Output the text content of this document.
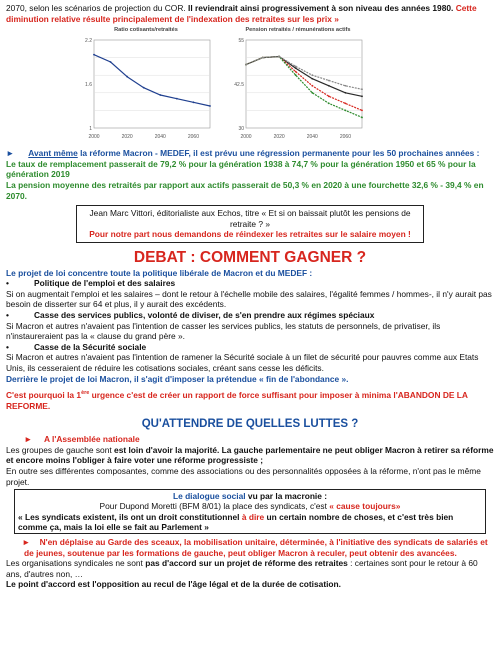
2070, selon les scénarios de projection du COR. Il reviendrait ainsi progressivement à son niveau des années 1980. Cette diminution relative résulte principalement de l'indexation des retraites sur les prix »

Ratio cotisants/retraités
2000	2020	2040	2060
1
1.6
2.2
Pension retraités / rémunérations actifs
2000	2020	2040	2060
30
42.5
55

► Avant même la réforme Macron - MEDEF, il est prévu une régression permanente pour les 50 prochaines années :

Le taux de remplacement passerait de 79,2 % pour la génération 1938 à 74,7 % pour la génération 1950 et 65 % pour la génération 2019

La pension moyenne des retraités par rapport aux actifs passerait de 50,3 % en 2020 à une fourchette 32,6 % - 39,4 % en 2070.

Jean Marc Vittori, éditorialiste aux Echos, titre « Et si on baissait plutôt les pensions de retraite ? »
Pour notre part nous demandons de réindexer les retraites sur le salaire moyen !
DEBAT : COMMENT GAGNER ?

Le projet de loi concentre toute la politique libérale de Macron et du MEDEF :

•	Politique de l'emploi et des salaires

Si on augmentait l'emploi et les salaires – dont le retour à l'échelle mobile des salaires, l'égalité femmes / hommes-, il n'y aurait pas besoin de disserter sur 64 et plus, il y aurait des excédents.

•	Casse des services publics, volonté de diviser, de s'en prendre aux régimes spéciaux

Si Macron et autres n'avaient pas l'intention de casser les services publics, les statuts de personnels, de privatiser, ils n'instaureraient pas la « clause du grand père ».

•	Casse de la Sécurité sociale

Si Macron et autres n'avaient pas l'intention de ramener la Sécurité sociale à un filet de sécurité pour pauvres comme aux Etats Unis, ils cesseraient de réduire les cotisations sociales, créant sans cesse les déficits.

Derrière le projet de loi Macron, il s'agit d'imposer la prétendue « fin de l'abondance ».

C'est pourquoi la 1ère urgence c'est de créer un rapport de force suffisant pour imposer à minima l'ABANDON DE LA REFORME.

QU'ATTENDRE DE QUELLES LUTTES ?

► A l'Assemblée nationale

Les groupes de gauche sont est loin d'avoir la majorité. La gauche parlementaire ne peut obliger Macron à retirer sa réforme et encore moins l'obliger à faire voter une réforme progressiste ;

En outre ses différentes composantes, comme des associations ou des personnalités opposées à la réforme, n'ont pas le même projet.

Le dialogue social vu par la macronie :
Pour Dupond Moretti (BFM 8/01) la place des syndicats, c'est « cause toujours»
« Les syndicats existent, ils ont un droit constitutionnel à dire un certain nombre de choses, et c'est très bien comme ça, mais la loi elle se fait au Parlement »

► N'en déplaise au Garde des sceaux, la mobilisation unitaire, déterminée, à l'initiative des syndicats de salariés et de jeunes, soutenue par les formations de gauche, peut obliger Macron à reculer, peut obtenir des avancées.

Les organisations syndicales ne sont pas d'accord sur un projet de réforme des retraites : certaines sont pour le retour à 60 ans, d'autres non, …

Le point d'accord est l'opposition au recul de l'âge légal et de la durée de cotisation.
